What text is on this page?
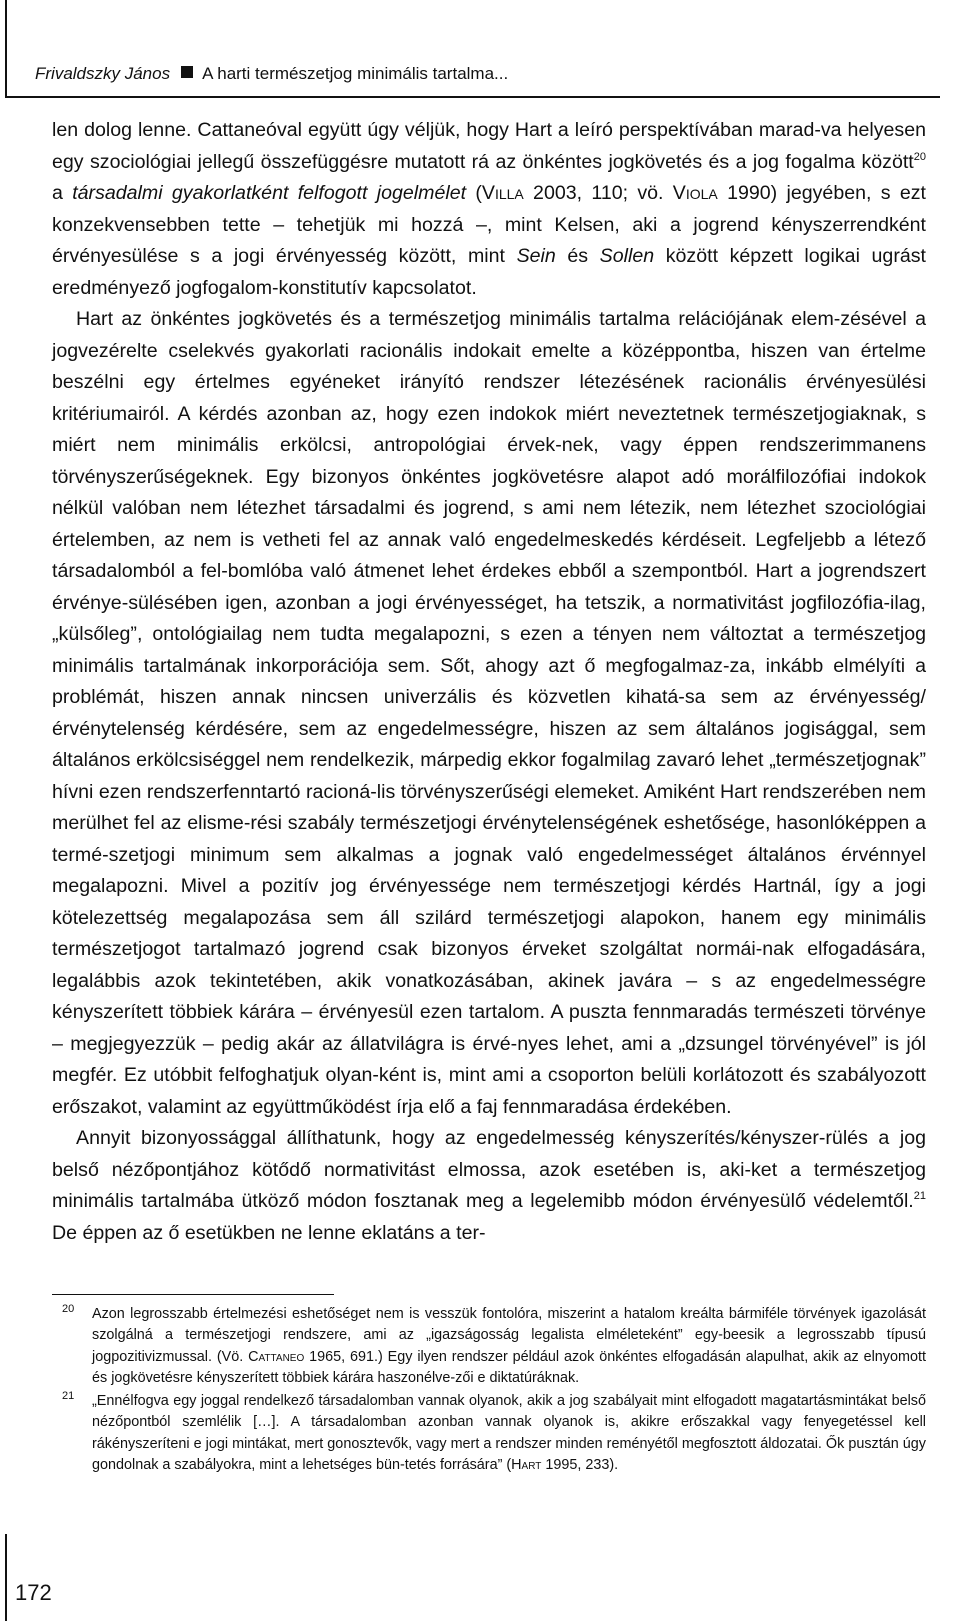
Frivaldszky János A harti természetjog minimális tartalma...

len dolog lenne. Cattaneóval együtt úgy véljük, hogy Hart a leíró perspektívában marad-va helyesen egy szociológiai jellegű összefüggésre mutatott rá az önkéntes jogkövetés és a jog fogalma között$^{20}$ a társadalmi gyakorlatként felfogott jogelmélet (Villa 2003, 110; vö. Viola 1990) jegyében, s ezt konzekvensebben tette – tehetjük mi hozzá –, mint Kelsen, aki a jogrend kényszerrendként érvényesülése s a jogi érvényesség között, mint Sein és Sollen között képzett logikai ugrást eredményező jogfogalom-konstitutív kapcsolatot.

Hart az önkéntes jogkövetés és a természetjog minimális tartalma relációjának elem-zésével a jogvezérelte cselekvés gyakorlati racionális indokait emelte a középpontba, hiszen van értelme beszélni egy értelmes egyéneket irányító rendszer létezésének racionális érvényesülési kritériumairól. A kérdés azonban az, hogy ezen indokok miért neveztetnek természetjogiaknak, s miért nem minimális erkölcsi, antropológiai érvek-nek, vagy éppen rendszerimmanens törvényszerűségeknek. Egy bizonyos önkéntes jogkövetésre alapot adó morálfilozófiai indokok nélkül valóban nem létezhet társadalmi és jogrend, s ami nem létezik, nem létezhet szociológiai értelemben, az nem is vetheti fel az annak való engedelmeskedés kérdéseit. Legfeljebb a létező társadalomból a fel-bomlóba való átmenet lehet érdekes ebből a szempontból. Hart a jogrendszert érvénye-sülésében igen, azonban a jogi érvényességet, ha tetszik, a normativitást jogfilozófia-ilag, „külsőleg”, ontológiailag nem tudta megalapozni, s ezen a tényen nem változtat a természetjog minimális tartalmának inkorporációja sem. Sőt, ahogy azt ő megfogalmaz-za, inkább elmélyíti a problémát, hiszen annak nincsen univerzális és közvetlen kihatá-sa sem az érvényesség/érvénytelenség kérdésére, sem az engedelmességre, hiszen az sem általános jogisággal, sem általános erkölcsiséggel nem rendelkezik, márpedig ekkor fogalmilag zavaró lehet „természetjognak” hívni ezen rendszerfenntartó racioná-lis törvényszerűségi elemeket. Amiként Hart rendszerében nem merülhet fel az elisme-rési szabály természetjogi érvénytelenségének eshetősége, hasonlóképpen a termé-szetjogi minimum sem alkalmas a jognak való engedelmességet általános érvénnyel megalapozni. Mivel a pozitív jog érvényessége nem természetjogi kérdés Hartnál, így a jogi kötelezettség megalapozása sem áll szilárd természetjogi alapokon, hanem egy minimális természetjogot tartalmazó jogrend csak bizonyos érveket szolgáltat normái-nak elfogadására, legalábbis azok tekintetében, akik vonatkozásában, akinek javára – s az engedelmességre kényszerített többiek kárára – érvényesül ezen tartalom. A puszta fennmaradás természeti törvénye – megjegyezzük – pedig akár az állatvilágra is érvé-nyes lehet, ami a „dzsungel törvényével” is jól megfér. Ez utóbbit felfoghatjuk olyan-ként is, mint ami a csoporton belüli korlátozott és szabályozott erőszakot, valamint az együttműködést írja elő a faj fennmaradása érdekében.

Annyit bizonyossággal állíthatunk, hogy az engedelmesség kényszerítés/kényszer-rülés a jog belső nézőpontjához kötődő normativitást elmossa, azok esetében is, aki-ket a természetjog minimális tartalmába ütköző módon fosztanak meg a legelemibb módon érvényesülő védelemtől.$^{21}$ De éppen az ő esetükben ne lenne eklatáns a ter-

20 Azon legrosszabb értelmezési eshetőséget nem is vesszük fontolóra, miszerint a hatalom kreálta bármiféle törvények igazolását szolgálná a természetjogi rendszere, ami az „igazságosság legalista elméleteként” egy-beesik a legrosszabb típusú jogpozitivizmussal. (Vö. Cattaneo 1965, 691.) Egy ilyen rendszer például azok önkéntes elfogadásán alapulhat, akik az elnyomott és jogkövetésre kényszerített többiek kárára haszonélve-zői e diktatúráknak.
21 „Ennélfogva egy joggal rendelkező társadalomban vannak olyanok, akik a jog szabályait mint elfogadott magatartásmintákat belső nézőpontból szemlélik […]. A társadalomban azonban vannak olyanok is, akikre erőszakkal vagy fenyegetéssel kell rákényszeríteni e jogi mintákat, mert gonosztevők, vagy mert a rendszer minden reményétől megfosztott áldozatai. Ők pusztán úgy gondolnak a szabályokra, mint a lehetséges bün-tetés forrására” (Hart 1995, 233).
172
